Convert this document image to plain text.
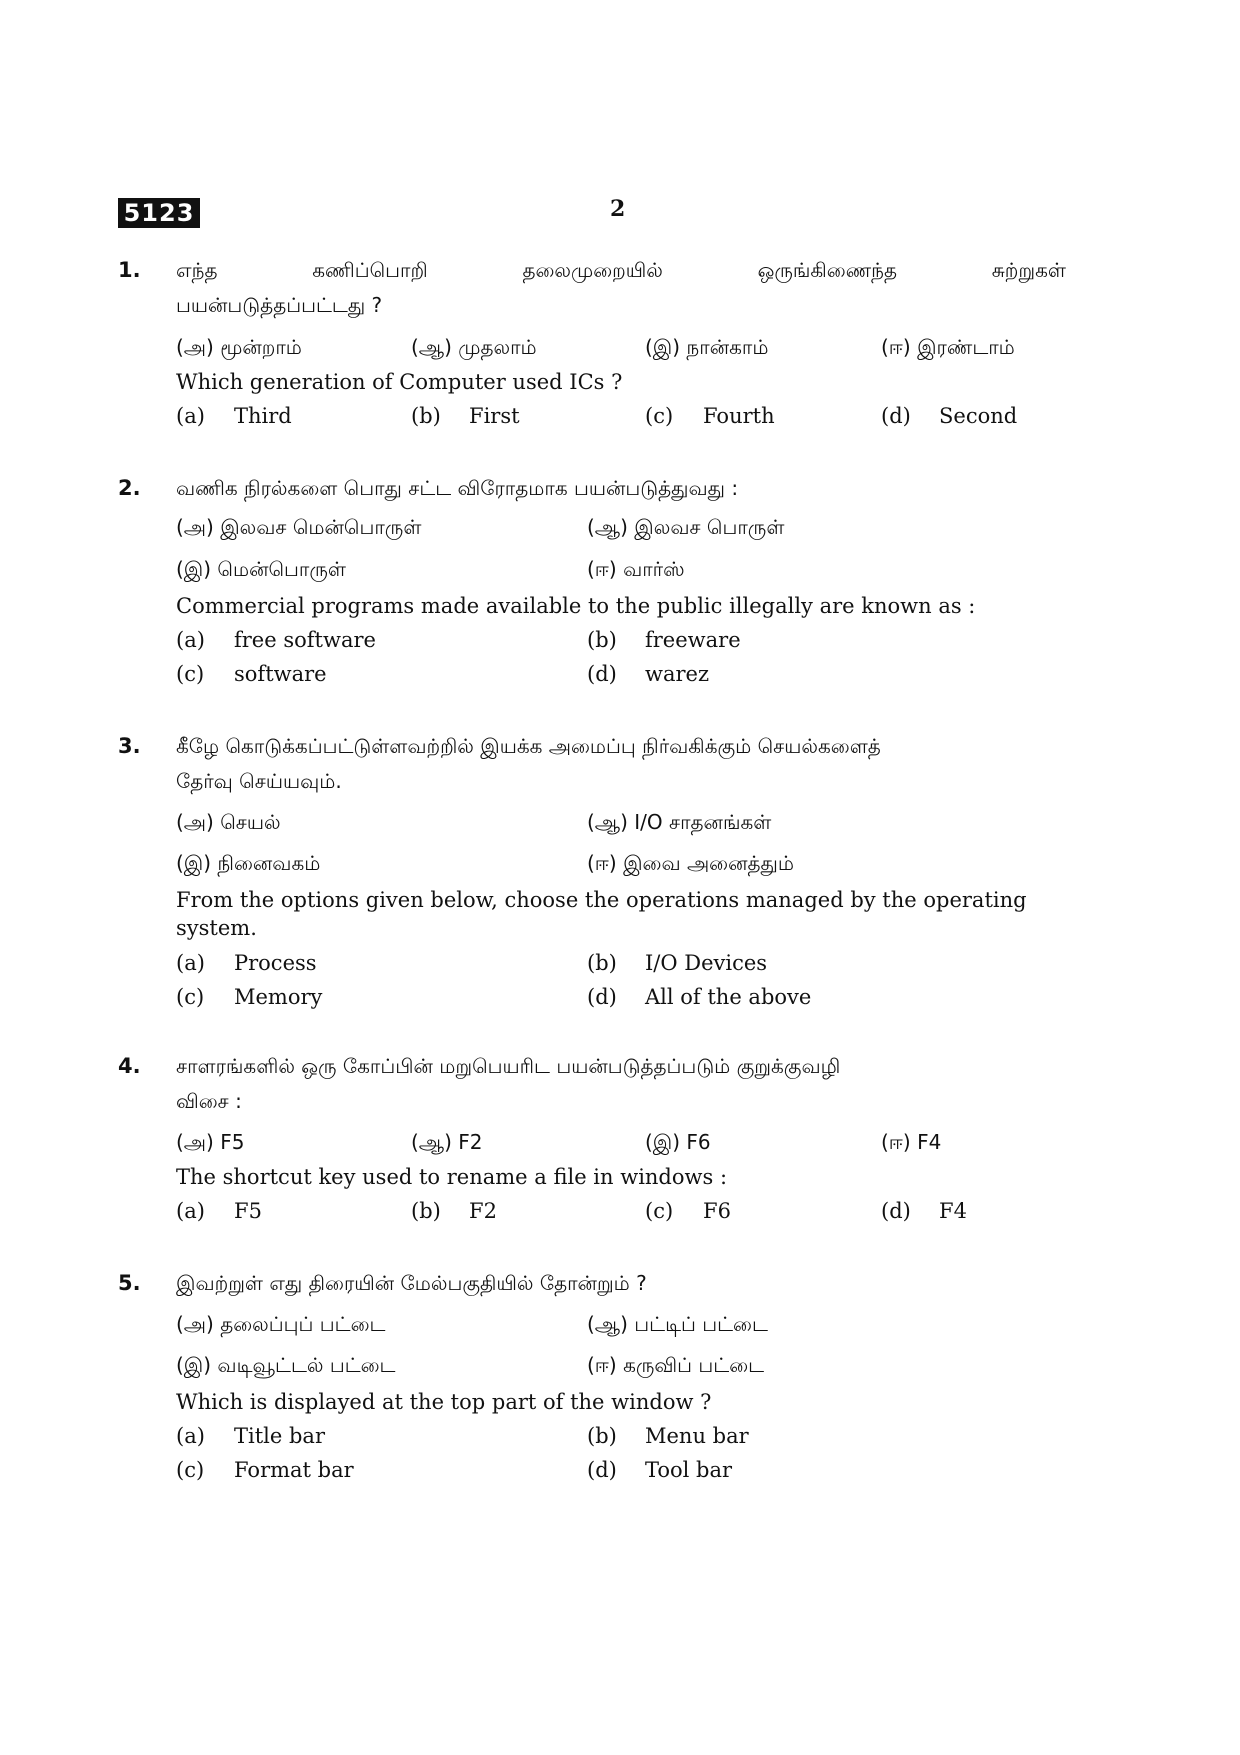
5123	2
1. எந்த	கணிப்பொறி	தலைமுறையில்	ஒருங்கிணைந்த	சுற்றுகள்
பயன்படுத்தப்பட்டது ?
(அ) மூன்றாம்	(ஆ) முதலாம்	(இ) நான்காம்	(ஈ) இரண்டாம்
Which generation of Computer used ICs ?
(a) Third	(b) First	(c) Fourth	(d) Second
2. வணிக நிரல்களை பொது சட்ட விரோதமாக பயன்படுத்துவது :
(அ) இலவச மென்பொருள்	(ஆ) இலவச பொருள்
(இ) மென்பொருள்	(ஈ) வார்ஸ்
Commercial programs made available to the public illegally are known as :
(a) free software	(b) freeware
(c) software	(d) warez
3. கீழே கொடுக்கப்பட்டுள்ளவற்றில் இயக்க அமைப்பு நிர்வகிக்கும் செயல்களைத்
தேர்வு செய்யவும்.
(அ) செயல்	(ஆ) I/O சாதனங்கள்
(இ) நினைவகம்	(ஈ) இவை அனைத்தும்
From the options given below, choose the operations managed by the operating
system.
(a) Process	(b) I/O Devices
(c) Memory	(d) All of the above
4. சாளரங்களில் ஒரு கோப்பின் மறுபெயரிட பயன்படுத்தப்படும் குறுக்குவழி
விசை :
(அ) F5	(ஆ) F2	(இ) F6	(ஈ) F4
The shortcut key used to rename a file in windows :
(a) F5	(b) F2	(c) F6	(d) F4
5. இவற்றுள் எது திரையின் மேல்பகுதியில் தோன்றும் ?
(அ) தலைப்புப் பட்டை	(ஆ) பட்டிப் பட்டை
(இ) வடிவூட்டல் பட்டை	(ஈ) கருவிப் பட்டை
Which is displayed at the top part of the window ?
(a) Title bar	(b) Menu bar
(c) Format bar	(d) Tool bar
